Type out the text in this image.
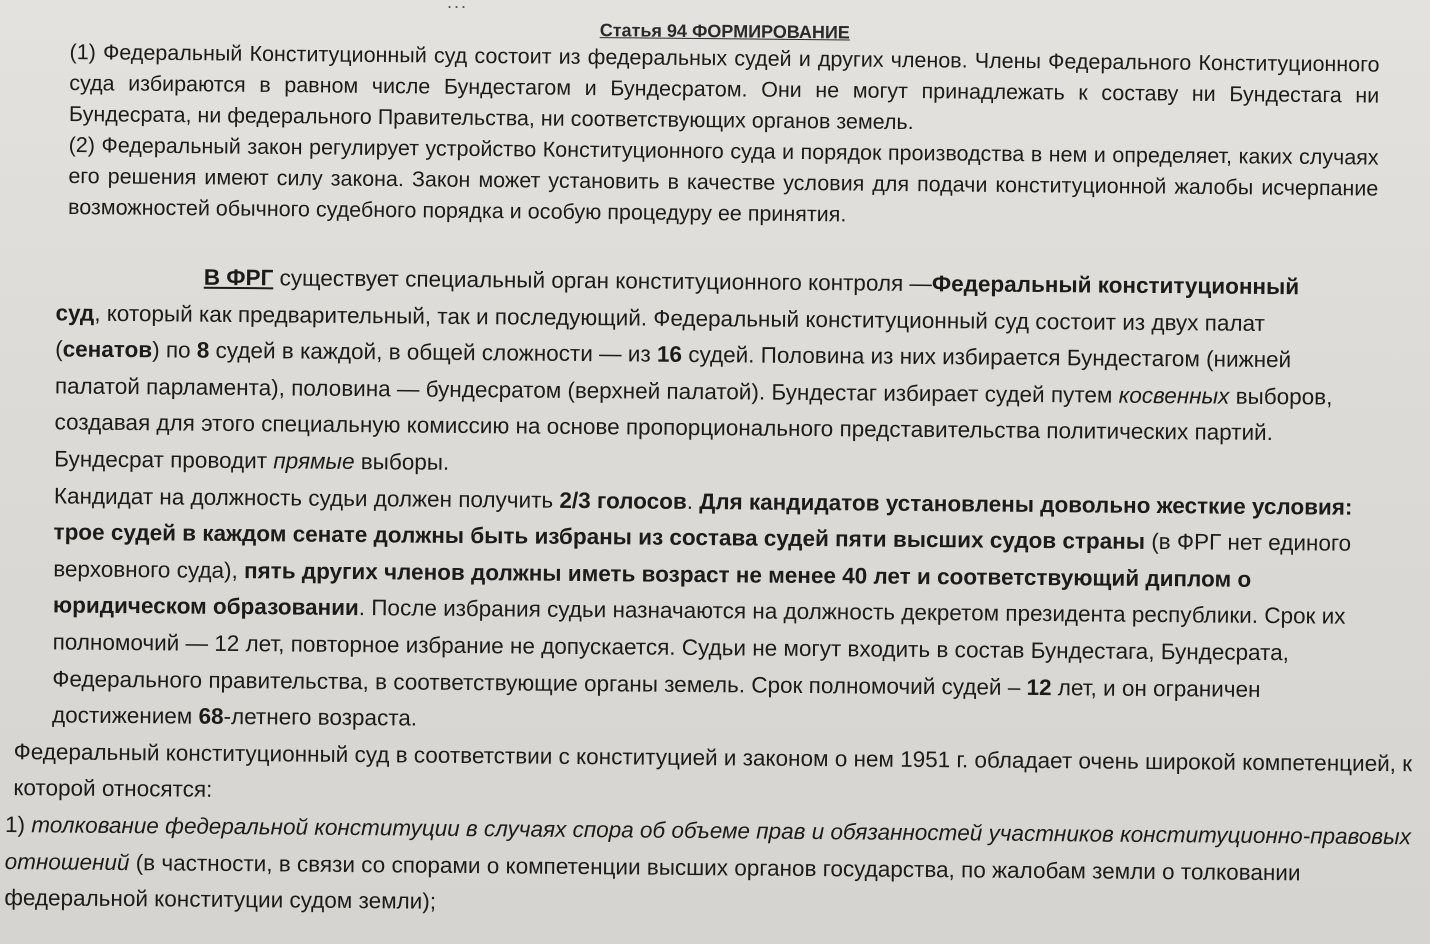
...
Статья 94 ФОРМИРОВАНИЕ

(1) Федеральный Конституционный суд состоит из федеральных судей и других членов. Члены Федерального Конституционного суда избираются в равном числе Бундестагом и Бундесратом. Они не могут принадлежать к составу ни Бундестага ни Бундесрата, ни федерального Правительства, ни соответствующих органов земель.

(2) Федеральный закон регулирует устройство Конституционного суда и порядок производства в нем и определяет, каких случаях его решения имеют силу закона. Закон может установить в качестве условия для подачи конституционной жалобы исчерпание возможностей обычного судебного порядка и особую процедуру ее принятия.

В ФРГ существует специальный орган конституционного контроля —Федеральный конституционный суд, который как предварительный, так и последующий. Федеральный конституционный суд состоит из двух палат (сенатов) по 8 судей в каждой, в общей сложности — из 16 судей. Половина из них избирается Бундестагом (нижней палатой парламента), половина — бундесратом (верхней палатой). Бундестаг избирает судей путем косвенных выборов, создавая для этого специальную комиссию на основе пропорционального представительства политических партий. Бундесрат проводит прямые выборы.

Кандидат на должность судьи должен получить 2/3 голосов. Для кандидатов установлены довольно жесткие условия: трое судей в каждом сенате должны быть избраны из состава судей пяти высших судов страны (в ФРГ нет единого верховного суда), пять других членов должны иметь возраст не менее 40 лет и соответствующий диплом о юридическом образовании. После избрания судьи назначаются на должность декретом президента республики. Срок их полномочий — 12 лет, повторное избрание не допускается. Судьи не могут входить в состав Бундестага, Бундесрата, Федерального правительства, в соответствующие органы земель. Срок полномочий судей – 12 лет, и он ограничен достижением 68-летнего возраста.

Федеральный конституционный суд в соответствии с конституцией и законом о нем 1951 г. обладает очень широкой компетенцией, к которой относятся:

1) толкование федеральной конституции в случаях спора об объеме прав и обязанностей участников конституционно-правовых отношений (в частности, в связи со спорами о компетенции высших органов государства, по жалобам земли о толковании федеральной конституции судом земли);
